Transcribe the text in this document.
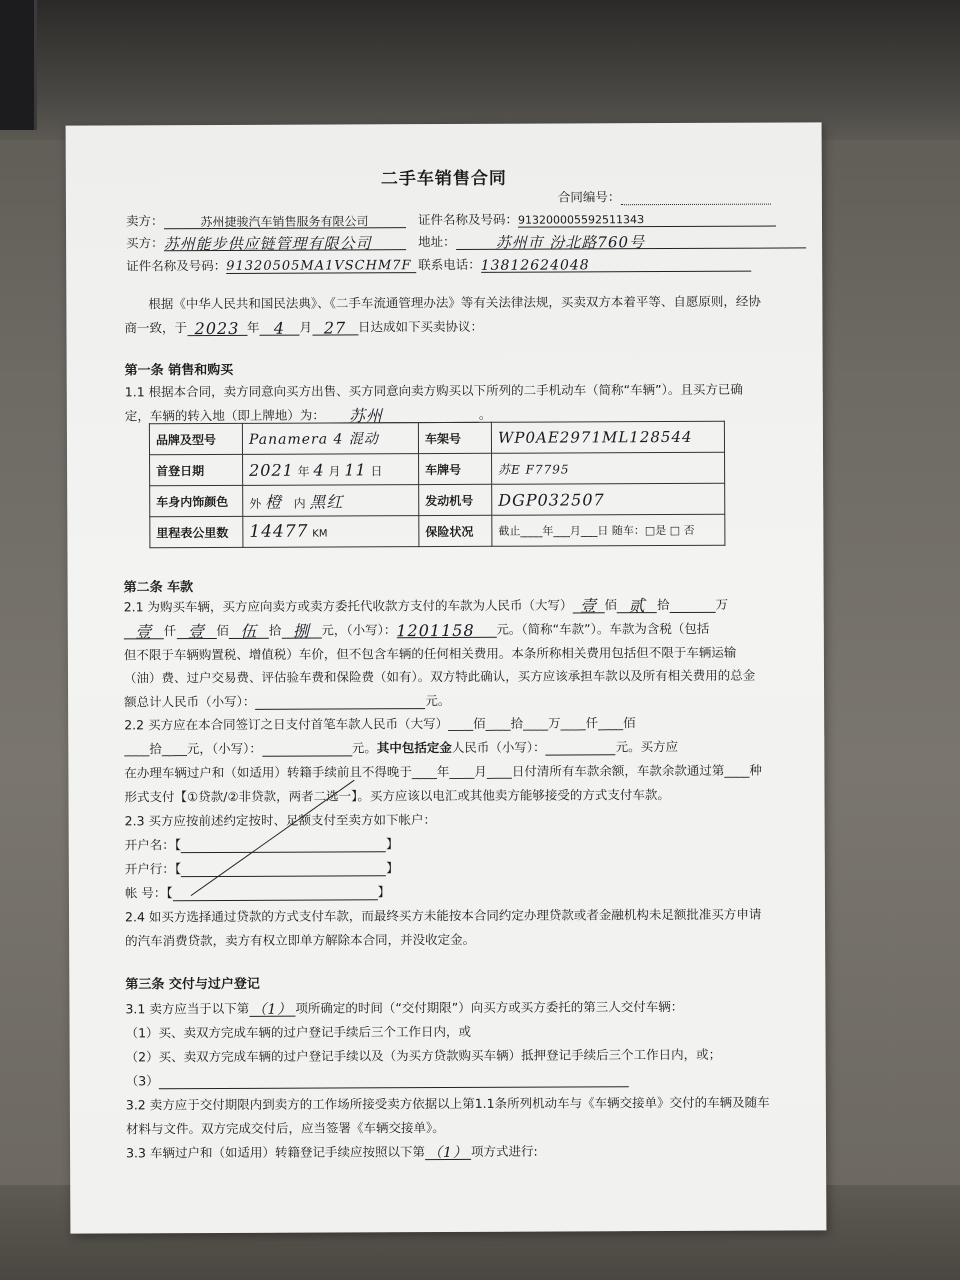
二手车销售合同
合同编号：
卖方：	苏州捷骏汽车销售服务有限公司	证件名称及号码：91320000559251134З
买方：苏州能步供应链管理有限公司	地址：	苏州市 汾北路760号
证件名称及号码：91320505MA1VSCHM7F 联系电话：13812624048
根据《中华人民共和国民法典》、《二手车流通管理办法》等有关法律法规，买卖双方本着平等、自愿原则，经协
商一致，于 2023 年 4 月 27 日达成如下买卖协议：
第一条 销售和购买
1.1 根据本合同，卖方同意向买方出售、买方同意向卖方购买以下所列的二手机动车（简称“车辆”）。且买方已确
定，车辆的转入地（即上牌地）为： 苏州	。
品牌及型号	Panamera 4 混动	车架号	WP0AE2971ML128544
首登日期	2021 年 4 月 11 日	车牌号	苏E F7795
车身内饰颜色	外 橙 内 黑红	发动机号	DGP032507
里程表公里数	14477 KM	保险状况	截止____年___月___日 随车：□是 □ 否
第二条 车款
2.1 为购买车辆，买方应向卖方或卖方委托代收款方支付的车款为人民币（大写） 壹 佰 贰 拾	万
壹 仟 壹 佰 伍 拾 捌 元，（小写）：1201158 元。（简称“车款”）。车款为含税（包括
但不限于车辆购置税、增值税）车价，但不包含车辆的任何相关费用。本条所称相关费用包括但不限于车辆运输
（油）费、过户交易费、评估验车费和保险费（如有）。双方特此确认，买方应该承担车款以及所有相关费用的总金
额总计人民币（小写）：	元。
2.2 买方应在本合同签订之日支付首笔车款人民币（大写）____佰____拾____万____仟____佰
____拾____元，（小写）：	元。其中包括定金人民币（小写）：	元。买方应
在办理车辆过户和（如适用）转籍手续前且不得晚于____年____月____日付清所有车款余额，车款余款通过第____种
形式支付【①贷款/②非贷款，两者二选一】。买方应该以电汇或其他卖方能够接受的方式支付车款。
2.3 买方应按前述约定按时、足额支付至卖方如下帐户：
开户名：【	】
开户行：【	】
帐 号：【	】
2.4 如买方选择通过贷款的方式支付车款，而最终买方未能按本合同约定办理贷款或者金融机构未足额批准买方申请
的汽车消费贷款，卖方有权立即单方解除本合同，并没收定金。
第三条 交付与过户登记
3.1 卖方应当于以下第 （1） 项所确定的时间（“交付期限”）向买方或买方委托的第三人交付车辆：
（1）买、卖双方完成车辆的过户登记手续后三个工作日内，或
（2）买、卖双方完成车辆的过户登记手续以及（为买方贷款购买车辆）抵押登记手续后三个工作日内，或；
（3）
3.2 卖方应于交付期限内到卖方的工作场所接受卖方依据以上第1.1条所列机动车与《车辆交接单》交付的车辆及随车
材料与文件。双方完成交付后，应当签署《车辆交接单》。
3.3 车辆过户和（如适用）转籍登记手续应按照以下第 （1） 项方式进行:
